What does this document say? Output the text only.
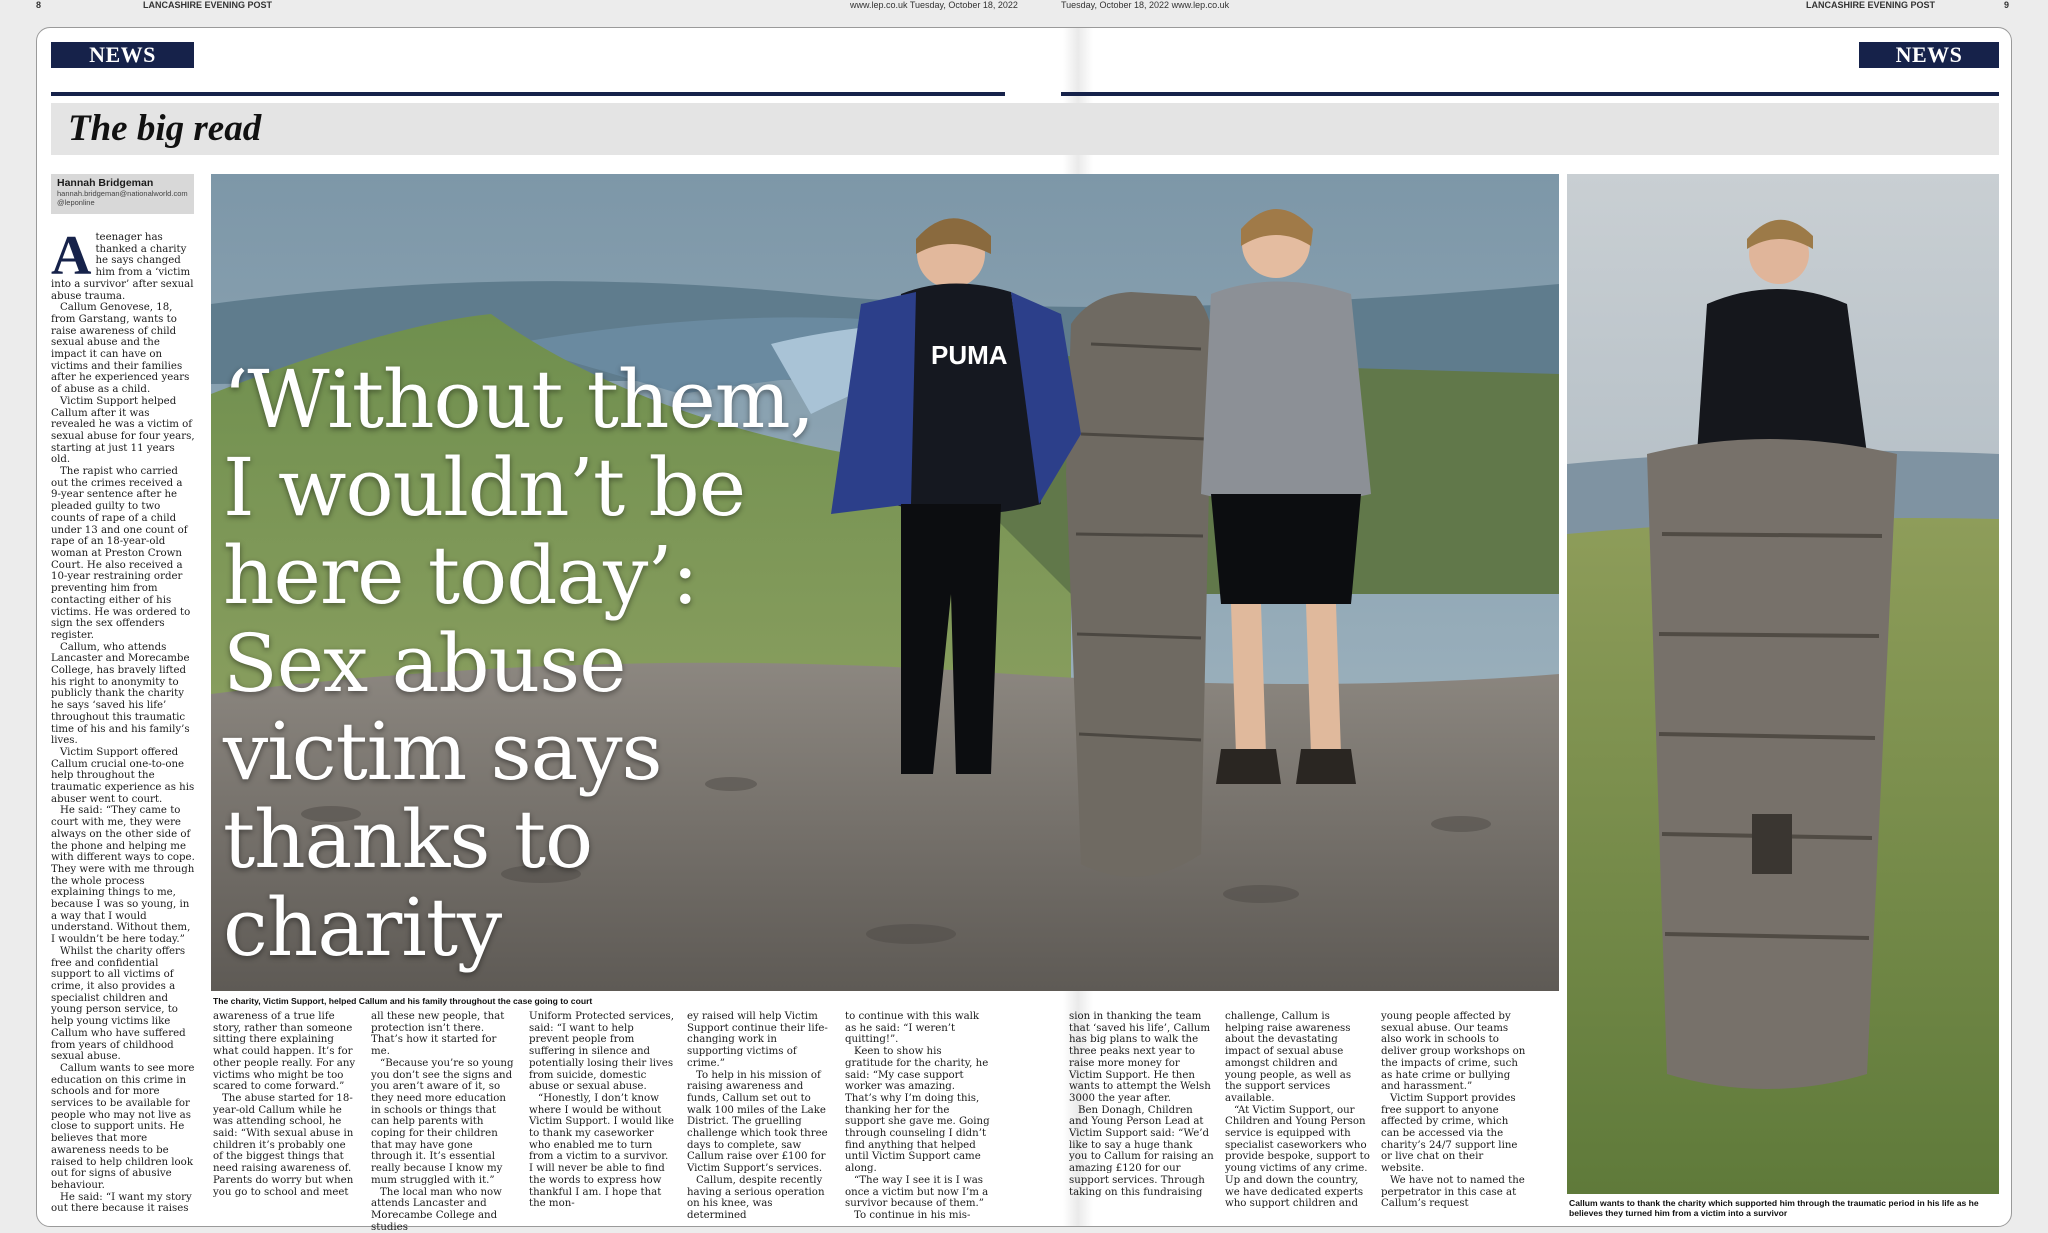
8	LANCASHIRE EVENING POST	www.lep.co.uk Tuesday, October 18, 2022	Tuesday, October 18, 2022 www.lep.co.uk	LANCASHIRE EVENING POST	9
NEWS	NEWS
The big read
Hannah Bridgeman
hannah.bridgeman@nationalworld.com
@leponline
A teenager has thanked a charity he says changed him from a ‘victim into a survivor’ after sexual abuse trauma.

Callum Genovese, 18, from Garstang, wants to raise awareness of child sexual abuse and the impact it can have on victims and their families after he experienced years of abuse as a child.

Victim Support helped Callum after it was revealed he was a victim of sexual abuse for four years, starting at just 11 years old.

The rapist who carried out the crimes received a 9-year sentence after he pleaded guilty to two counts of rape of a child under 13 and one count of rape of an 18-year-old woman at Preston Crown Court. He also received a 10-year restraining order preventing him from contacting either of his victims. He was ordered to sign the sex offenders register.

Callum, who attends Lancaster and Morecambe College, has bravely lifted his right to anonymity to publicly thank the charity he says ‘saved his life’ throughout this traumatic time of his and his family’s lives.

Victim Support offered Callum crucial one-to-one help throughout the traumatic experience as his abuser went to court.

He said: “They came to court with me, they were always on the other side of the phone and helping me with different ways to cope. They were with me through the whole process explaining things to me, because I was so young, in a way that I would understand. Without them, I wouldn’t be here today.”

Whilst the charity offers free and confidential support to all victims of crime, it also provides a specialist children and young person service, to help young victims like Callum who have suffered from years of childhood sexual abuse.

Callum wants to see more education on this crime in schools and for more services to be available for people who may not live as close to support units. He believes that more awareness needs to be raised to help children look out for signs of abusive behaviour.

He said: “I want my story out there because it raises

PUMA
‘Without them, I wouldn’t be here today’: Sex abuse victim says thanks to charity
The charity, Victim Support, helped Callum and his family throughout the case going to court

awareness of a true life story, rather than someone sitting there explaining what could happen. It’s for other people really. For any victims who might be too scared to come forward.”

The abuse started for 18-year-old Callum while he was attending school, he said: “With sexual abuse in children it’s probably one of the biggest things that need raising awareness of. Parents do worry but when you go to school and meet

all these new people, that protection isn’t there. That’s how it started for me.

“Because you’re so young you don’t see the signs and you aren’t aware of it, so they need more education in schools or things that can help parents with coping for their children that may have gone through it. It’s essential really because I know my mum struggled with it.”

The local man who now attends Lancaster and Morecambe College and studies

Uniform Protected services, said: “I want to help prevent people from suffering in silence and potentially losing their lives from suicide, domestic abuse or sexual abuse.

“Honestly, I don’t know where I would be without Victim Support. I would like to thank my caseworker who enabled me to turn from a victim to a survivor. I will never be able to find the words to express how thankful I am. I hope that the mon-

ey raised will help Victim Support continue their life-changing work in supporting victims of crime.”

To help in his mission of raising awareness and funds, Callum set out to walk 100 miles of the Lake District. The gruelling challenge which took three days to complete, saw Callum raise over £100 for Victim Support’s services.

Callum, despite recently having a serious operation on his knee, was determined

to continue with this walk as he said: “I weren’t quitting!”.

Keen to show his gratitude for the charity, he said: “My case support worker was amazing. That’s why I’m doing this, thanking her for the support she gave me. Going through counseling I didn’t find anything that helped until Victim Support came along.

“The way I see it is I was once a victim but now I’m a survivor because of them.”

To continue in his mis-

sion in thanking the team that ‘saved his life’, Callum has big plans to walk the three peaks next year to raise more money for Victim Support. He then wants to attempt the Welsh 3000 the year after.

Ben Donagh, Children and Young Person Lead at Victim Support said: “We’d like to say a huge thank you to Callum for raising an amazing £120 for our support services. Through taking on this fundraising

challenge, Callum is helping raise awareness about the devastating impact of sexual abuse amongst children and young people, as well as the support services available.

“At Victim Support, our Children and Young Person service is equipped with specialist caseworkers who provide bespoke, support to young victims of any crime. Up and down the country, we have dedicated experts who support children and

young people affected by sexual abuse. Our teams also work in schools to deliver group workshops on the impacts of crime, such as hate crime or bullying and harassment.”

Victim Support provides free support to anyone affected by crime, which can be accessed via the charity’s 24/7 support line or live chat on their website.

We have not to named the perpetrator in this case at Callum’s request	Callum wants to thank the charity which supported him through the traumatic period in his life as he believes they turned him from a victim into a survivor
